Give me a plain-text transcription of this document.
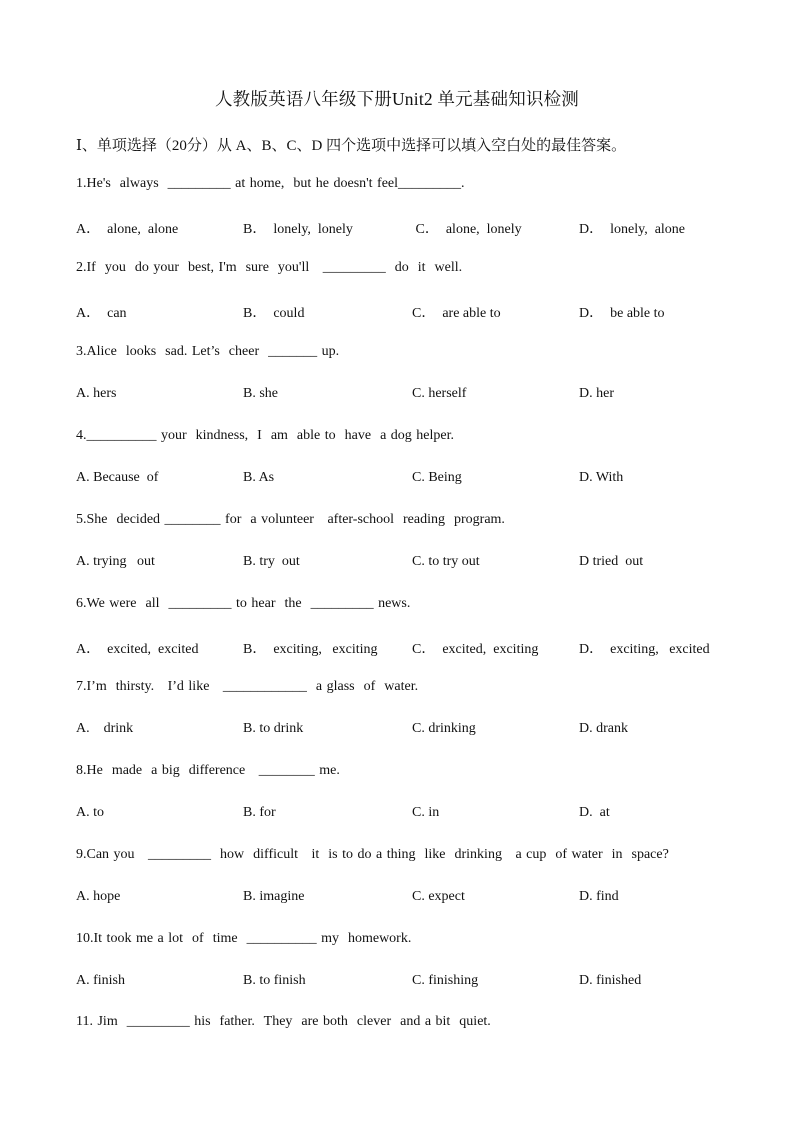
人教版英语八年级下册Unit2 单元基础知识检测
Ⅰ、单项选择（20分）从 A、B、C、D 四个选项中选择可以填入空白处的最佳答案。
1.He's  always  _________ at home,  but he doesn't feel_________.
A．  alone,  alone	B．  lonely,  lonely	C．  alone,  lonely	D．  lonely,  alone
2.If  you  do your  best, I'm  sure  you'll   _________  do  it  well.
A．  can	B．  could	C．  are able to	D．  be able to
3.Alice  looks  sad. Let’s  cheer  _______ up.
A. hers	B. she	C. herself	D. her
4.__________ your  kindness,  I  am  able to  have  a dog helper.
A. Because  of	B. As	C. Being	D. With
5.She  decided ________ for  a volunteer   after-school  reading  program.
A. trying   out	B. try  out	C. to try out	D tried  out
6.We were  all  _________ to hear  the  _________ news.
A．  excited,  excited	B．  exciting,   exciting C．  excited,  exciting	D．  exciting,   excited
7.I’m  thirsty.   I’d like   ____________  a glass  of  water.
A.    drink	B. to drink	C. drinking	D. drank
8.He  made  a big  difference   ________ me.
A. to	B. for	C. in	D.  at
9.Can you   _________  how  difficult   it  is to do a thing  like  drinking   a cup  of water  in  space?
A. hope	B. imagine	C. expect	D. find
10.It took me a lot  of  time  __________ my  homework.
A. finish	B. to finish	C. finishing	D. finished
11. Jim  _________ his  father.  They  are both  clever  and a bit  quiet.
